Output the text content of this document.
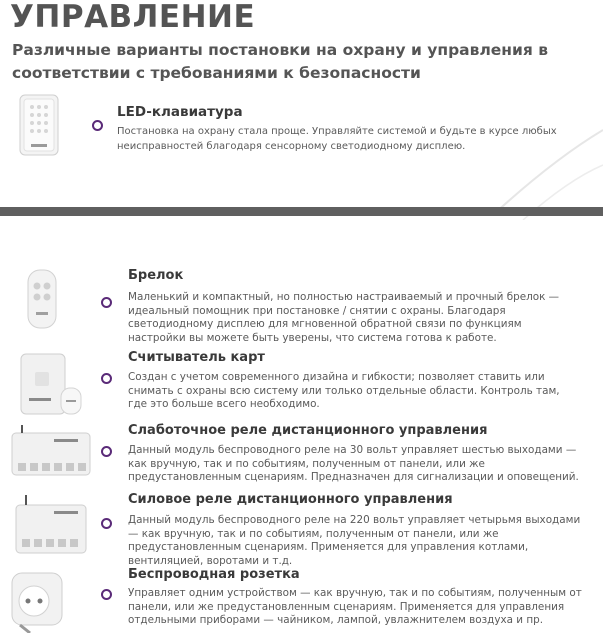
УПРАВЛЕНИЕ

Различные варианты постановки на охрану и управления в соответствии с требованиями к безопасности

LED-клавиатура

Постановка на охрану стала проще. Управляйте системой и будьте в курсе любых неисправностей благодаря сенсорному светодиодному дисплею.

Брелок

Маленький и компактный, но полностью настраиваемый и прочный брелок — идеальный помощник при постановке / снятии с охраны. Благодаря светодиодному дисплею для мгновенной обратной связи по функциям настройки вы можете быть уверены, что система готова к работе.

Считыватель карт

Создан с учетом современного дизайна и гибкости; позволяет ставить или снимать с охраны всю систему или только отдельные области. Контроль там, где это больше всего необходимо.

Слаботочное реле дистанционного управления

Данный модуль беспроводного реле на 30 вольт управляет шестью выходами — как вручную, так и по событиям, полученным от панели, или же предустановленным сценариям. Предназначен для сигнализации и оповещений.

Силовое реле дистанционного управления

Данный модуль беспроводного реле на 220 вольт управляет четырьмя выходами — как вручную, так и по событиям, полученным от панели, или же предустановленным сценариям. Применяется для управления котлами, вентиляцией, воротами и т.д.

Беспроводная розетка

Управляет одним устройством — как вручную, так и по событиям, полученным от панели, или же предустановленным сценариям. Применяется для управления отдельными приборами — чайником, лампой, увлажнителем воздуха и пр.
